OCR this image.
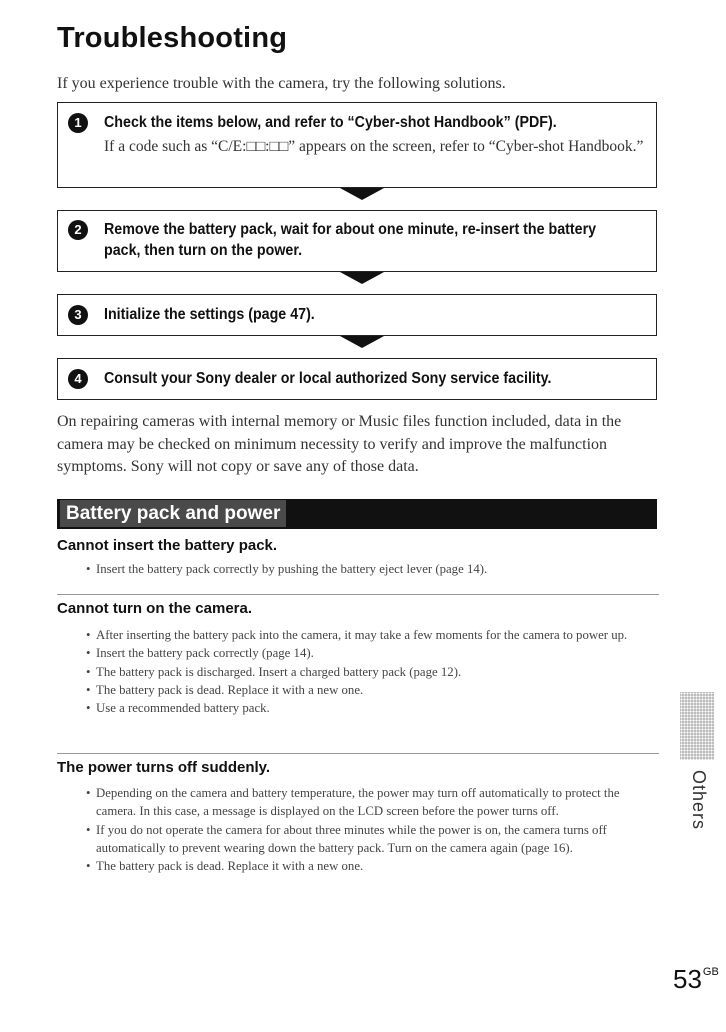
Troubleshooting
If you experience trouble with the camera, try the following solutions.
1	Check the items below, and refer to “Cyber-shot Handbook” (PDF).
If a code such as “C/E:□□:□□” appears on the screen, refer to “Cyber-shot Handbook.”
2	Remove the battery pack, wait for about one minute, re-insert the battery pack, then turn on the power.
3	Initialize the settings (page 47).
4	Consult your Sony dealer or local authorized Sony service facility.
On repairing cameras with internal memory or Music files function included, data in the camera may be checked on minimum necessity to verify and improve the malfunction symptoms. Sony will not copy or save any of those data.
Battery pack and power
Cannot insert the battery pack.
• Insert the battery pack correctly by pushing the battery eject lever (page 14).
Cannot turn on the camera.
• After inserting the battery pack into the camera, it may take a few moments for the camera to power up.
• Insert the battery pack correctly (page 14).
• The battery pack is discharged. Insert a charged battery pack (page 12).
• The battery pack is dead. Replace it with a new one.
• Use a recommended battery pack.
The power turns off suddenly.
• Depending on the camera and battery temperature, the power may turn off automatically to protect the camera. In this case, a message is displayed on the LCD screen before the power turns off.
• If you do not operate the camera for about three minutes while the power is on, the camera turns off automatically to prevent wearing down the battery pack. Turn on the camera again (page 16).
• The battery pack is dead. Replace it with a new one.
Others
$53^{GB}$
